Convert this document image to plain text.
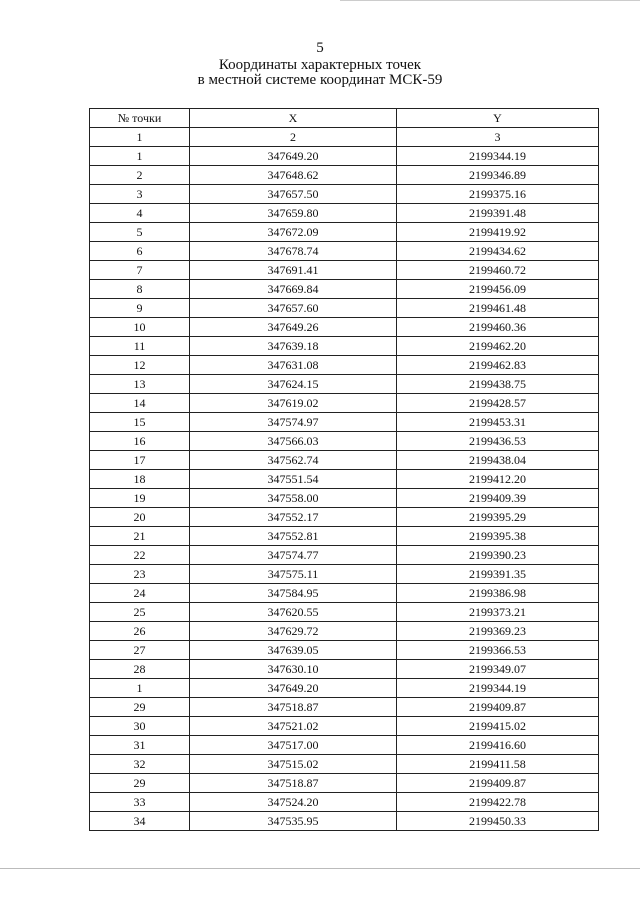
5
Координаты характерных точек
в местной системе координат МСК-59
№ точки	X	Y
1	2	3
1	347649.20	2199344.19
2	347648.62	2199346.89
3	347657.50	2199375.16
4	347659.80	2199391.48
5	347672.09	2199419.92
6	347678.74	2199434.62
7	347691.41	2199460.72
8	347669.84	2199456.09
9	347657.60	2199461.48
10	347649.26	2199460.36
11	347639.18	2199462.20
12	347631.08	2199462.83
13	347624.15	2199438.75
14	347619.02	2199428.57
15	347574.97	2199453.31
16	347566.03	2199436.53
17	347562.74	2199438.04
18	347551.54	2199412.20
19	347558.00	2199409.39
20	347552.17	2199395.29
21	347552.81	2199395.38
22	347574.77	2199390.23
23	347575.11	2199391.35
24	347584.95	2199386.98
25	347620.55	2199373.21
26	347629.72	2199369.23
27	347639.05	2199366.53
28	347630.10	2199349.07
1	347649.20	2199344.19
29	347518.87	2199409.87
30	347521.02	2199415.02
31	347517.00	2199416.60
32	347515.02	2199411.58
29	347518.87	2199409.87
33	347524.20	2199422.78
34	347535.95	2199450.33
